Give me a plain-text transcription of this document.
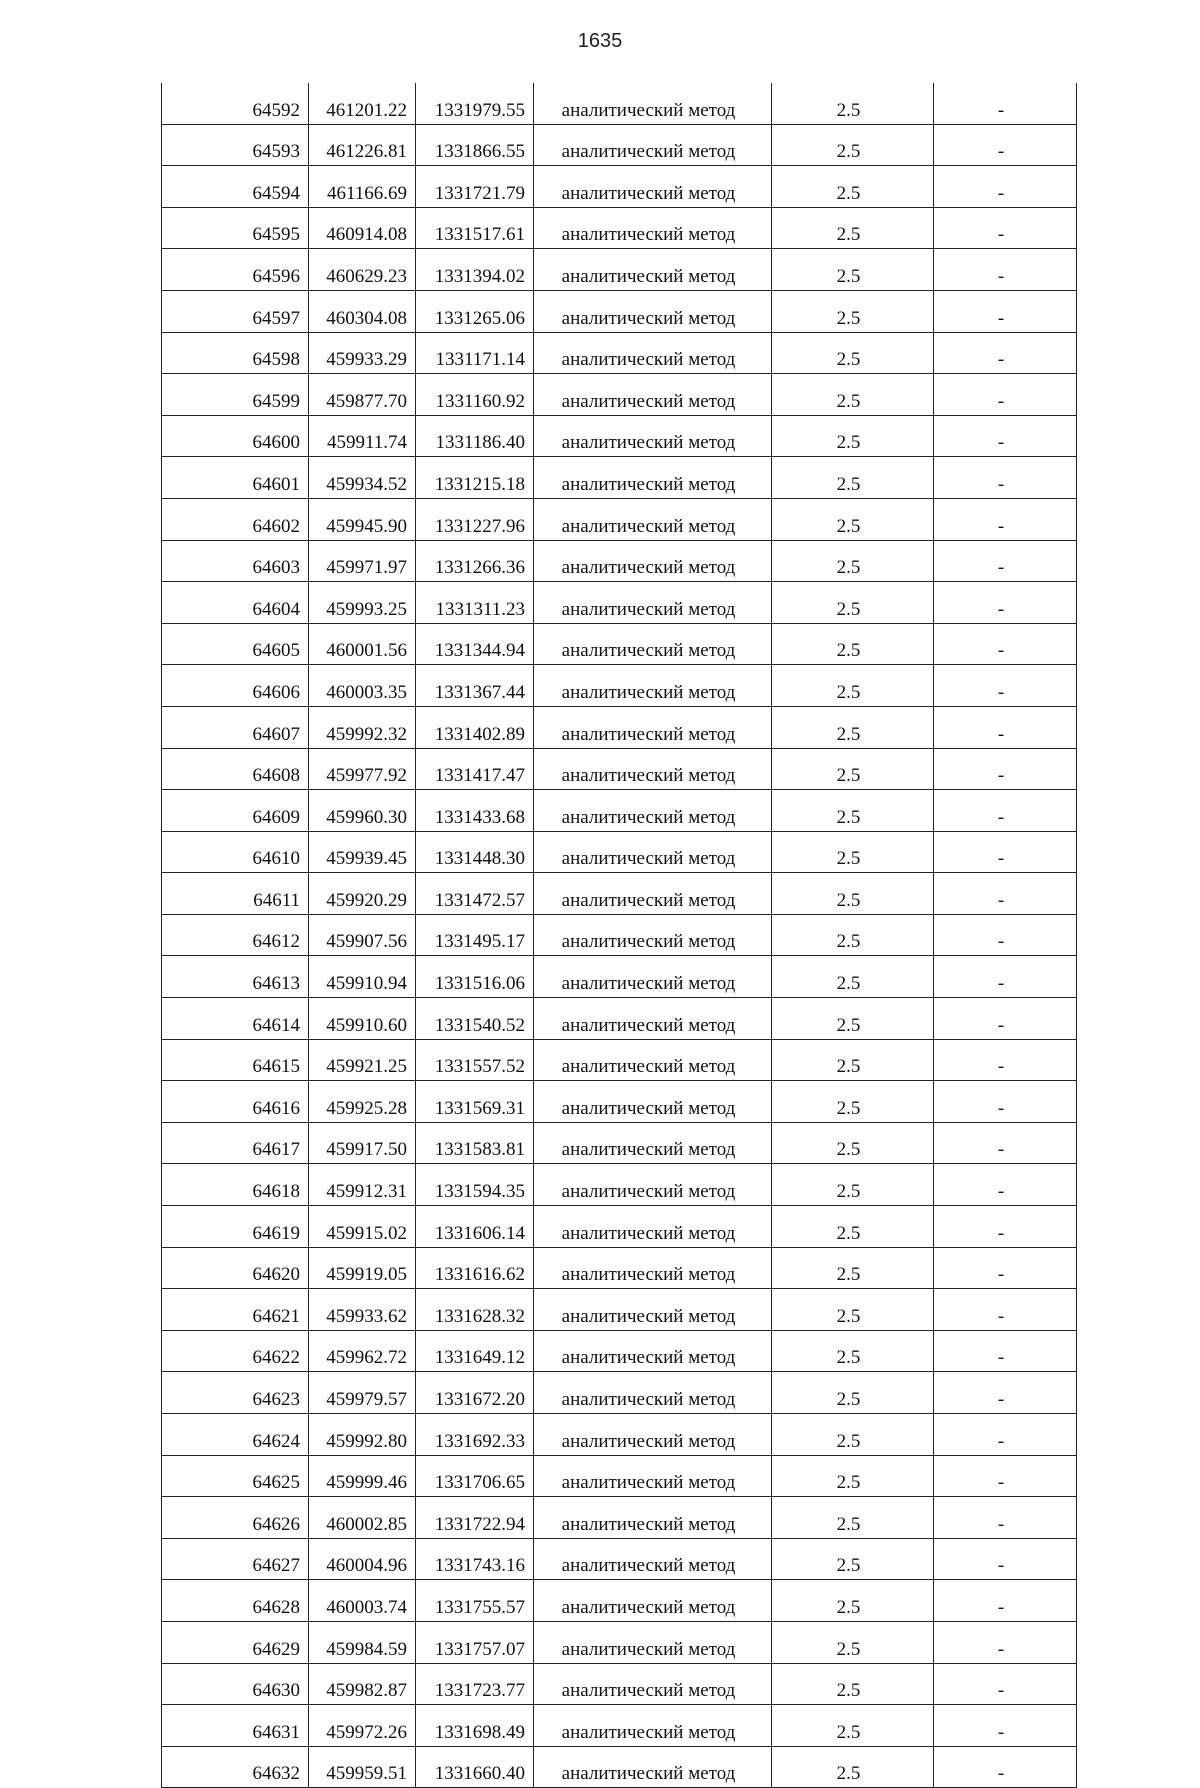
1635
64592	461201.22	1331979.55	аналитический метод	2.5	-
64593	461226.81	1331866.55	аналитический метод	2.5	-
64594	461166.69	1331721.79	аналитический метод	2.5	-
64595	460914.08	1331517.61	аналитический метод	2.5	-
64596	460629.23	1331394.02	аналитический метод	2.5	-
64597	460304.08	1331265.06	аналитический метод	2.5	-
64598	459933.29	1331171.14	аналитический метод	2.5	-
64599	459877.70	1331160.92	аналитический метод	2.5	-
64600	459911.74	1331186.40	аналитический метод	2.5	-
64601	459934.52	1331215.18	аналитический метод	2.5	-
64602	459945.90	1331227.96	аналитический метод	2.5	-
64603	459971.97	1331266.36	аналитический метод	2.5	-
64604	459993.25	1331311.23	аналитический метод	2.5	-
64605	460001.56	1331344.94	аналитический метод	2.5	-
64606	460003.35	1331367.44	аналитический метод	2.5	-
64607	459992.32	1331402.89	аналитический метод	2.5	-
64608	459977.92	1331417.47	аналитический метод	2.5	-
64609	459960.30	1331433.68	аналитический метод	2.5	-
64610	459939.45	1331448.30	аналитический метод	2.5	-
64611	459920.29	1331472.57	аналитический метод	2.5	-
64612	459907.56	1331495.17	аналитический метод	2.5	-
64613	459910.94	1331516.06	аналитический метод	2.5	-
64614	459910.60	1331540.52	аналитический метод	2.5	-
64615	459921.25	1331557.52	аналитический метод	2.5	-
64616	459925.28	1331569.31	аналитический метод	2.5	-
64617	459917.50	1331583.81	аналитический метод	2.5	-
64618	459912.31	1331594.35	аналитический метод	2.5	-
64619	459915.02	1331606.14	аналитический метод	2.5	-
64620	459919.05	1331616.62	аналитический метод	2.5	-
64621	459933.62	1331628.32	аналитический метод	2.5	-
64622	459962.72	1331649.12	аналитический метод	2.5	-
64623	459979.57	1331672.20	аналитический метод	2.5	-
64624	459992.80	1331692.33	аналитический метод	2.5	-
64625	459999.46	1331706.65	аналитический метод	2.5	-
64626	460002.85	1331722.94	аналитический метод	2.5	-
64627	460004.96	1331743.16	аналитический метод	2.5	-
64628	460003.74	1331755.57	аналитический метод	2.5	-
64629	459984.59	1331757.07	аналитический метод	2.5	-
64630	459982.87	1331723.77	аналитический метод	2.5	-
64631	459972.26	1331698.49	аналитический метод	2.5	-
64632	459959.51	1331660.40	аналитический метод	2.5	-
